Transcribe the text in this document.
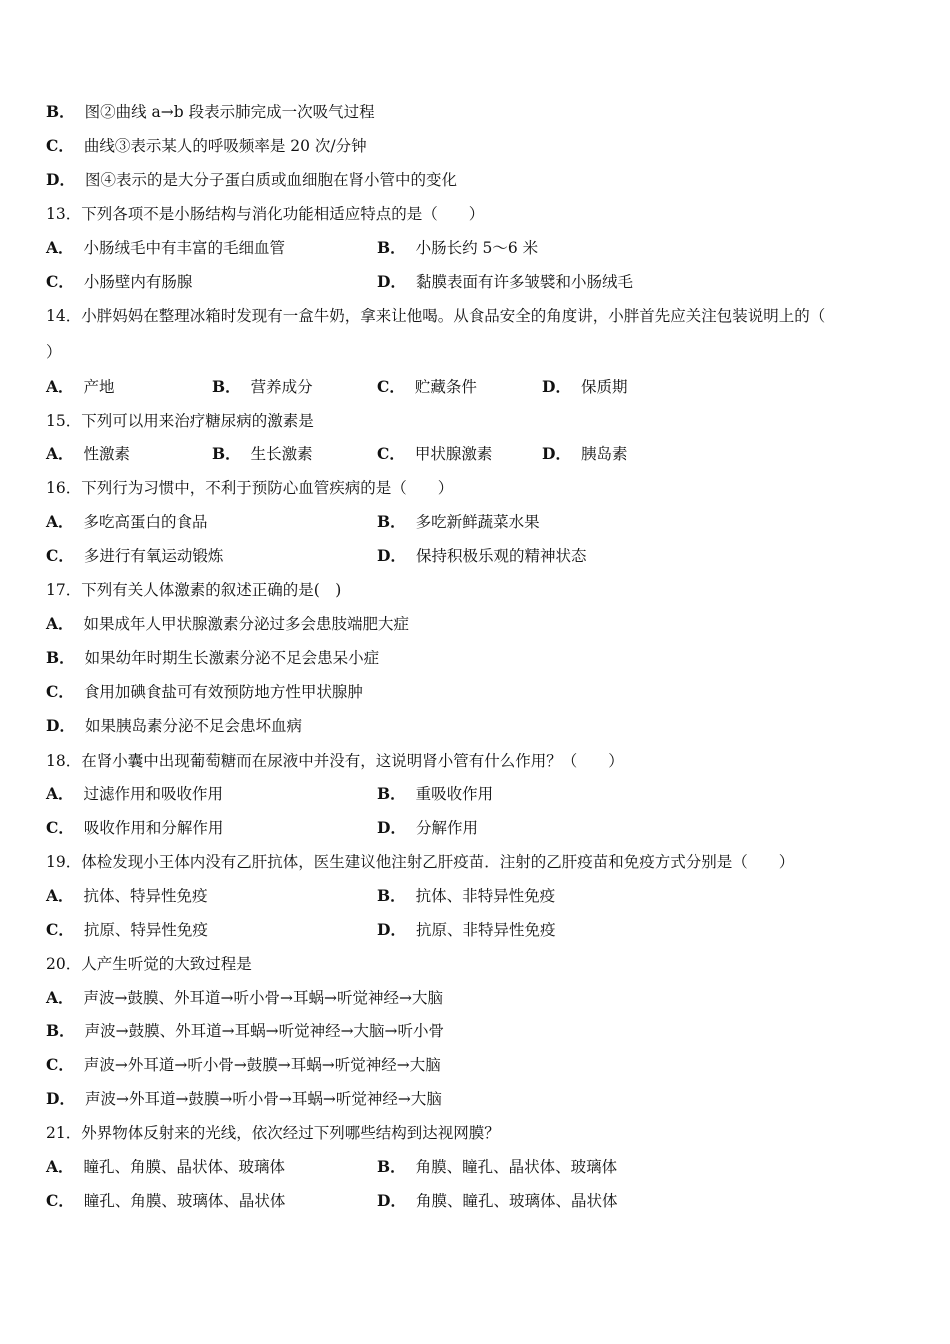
B． 图②曲线 a→b 段表示肺完成一次吸气过程
C． 曲线③表示某人的呼吸频率是 20 次/分钟
D． 图④表示的是大分子蛋白质或血细胞在肾小管中的变化
13．下列各项不是小肠结构与消化功能相适应特点的是（　　）
A． 小肠绒毛中有丰富的毛细血管	B． 小肠长约 5～6 米
C． 小肠壁内有肠腺	D． 黏膜表面有许多皱襞和小肠绒毛
14．小胖妈妈在整理冰箱时发现有一盒牛奶，拿来让他喝。从食品安全的角度讲，小胖首先应关注包装说明上的（
）
A． 产地	B． 营养成分	C． 贮藏条件	D． 保质期
15．下列可以用来治疗糖尿病的激素是
A． 性激素	B． 生长激素	C． 甲状腺激素	D． 胰岛素
16．下列行为习惯中，不利于预防心血管疾病的是（　　）
A． 多吃高蛋白的食品	B． 多吃新鲜蔬菜水果
C． 多进行有氧运动锻炼	D． 保持积极乐观的精神状态
17．下列有关人体激素的叙述正确的是(　)
A． 如果成年人甲状腺激素分泌过多会患肢端肥大症
B． 如果幼年时期生长激素分泌不足会患呆小症
C． 食用加碘食盐可有效预防地方性甲状腺肿
D． 如果胰岛素分泌不足会患坏血病
18．在肾小囊中出现葡萄糖而在尿液中并没有，这说明肾小管有什么作用？（　　）
A． 过滤作用和吸收作用	B． 重吸收作用
C． 吸收作用和分解作用	D． 分解作用
19．体检发现小王体内没有乙肝抗体，医生建议他注射乙肝疫苗．注射的乙肝疫苗和免疫方式分别是（　　）
A． 抗体、特异性免疫	B． 抗体、非特异性免疫
C． 抗原、特异性免疫	D． 抗原、非特异性免疫
20．人产生听觉的大致过程是
A． 声波→鼓膜、外耳道→听小骨→耳蜗→听觉神经→大脑
B． 声波→鼓膜、外耳道→耳蜗→听觉神经→大脑→听小骨
C． 声波→外耳道→听小骨→鼓膜→耳蜗→听觉神经→大脑
D． 声波→外耳道→鼓膜→听小骨→耳蜗→听觉神经→大脑
21．外界物体反射来的光线，依次经过下列哪些结构到达视网膜？
A． 瞳孔、角膜、晶状体、玻璃体	B． 角膜、瞳孔、晶状体、玻璃体
C． 瞳孔、角膜、玻璃体、晶状体	D． 角膜、瞳孔、玻璃体、晶状体
